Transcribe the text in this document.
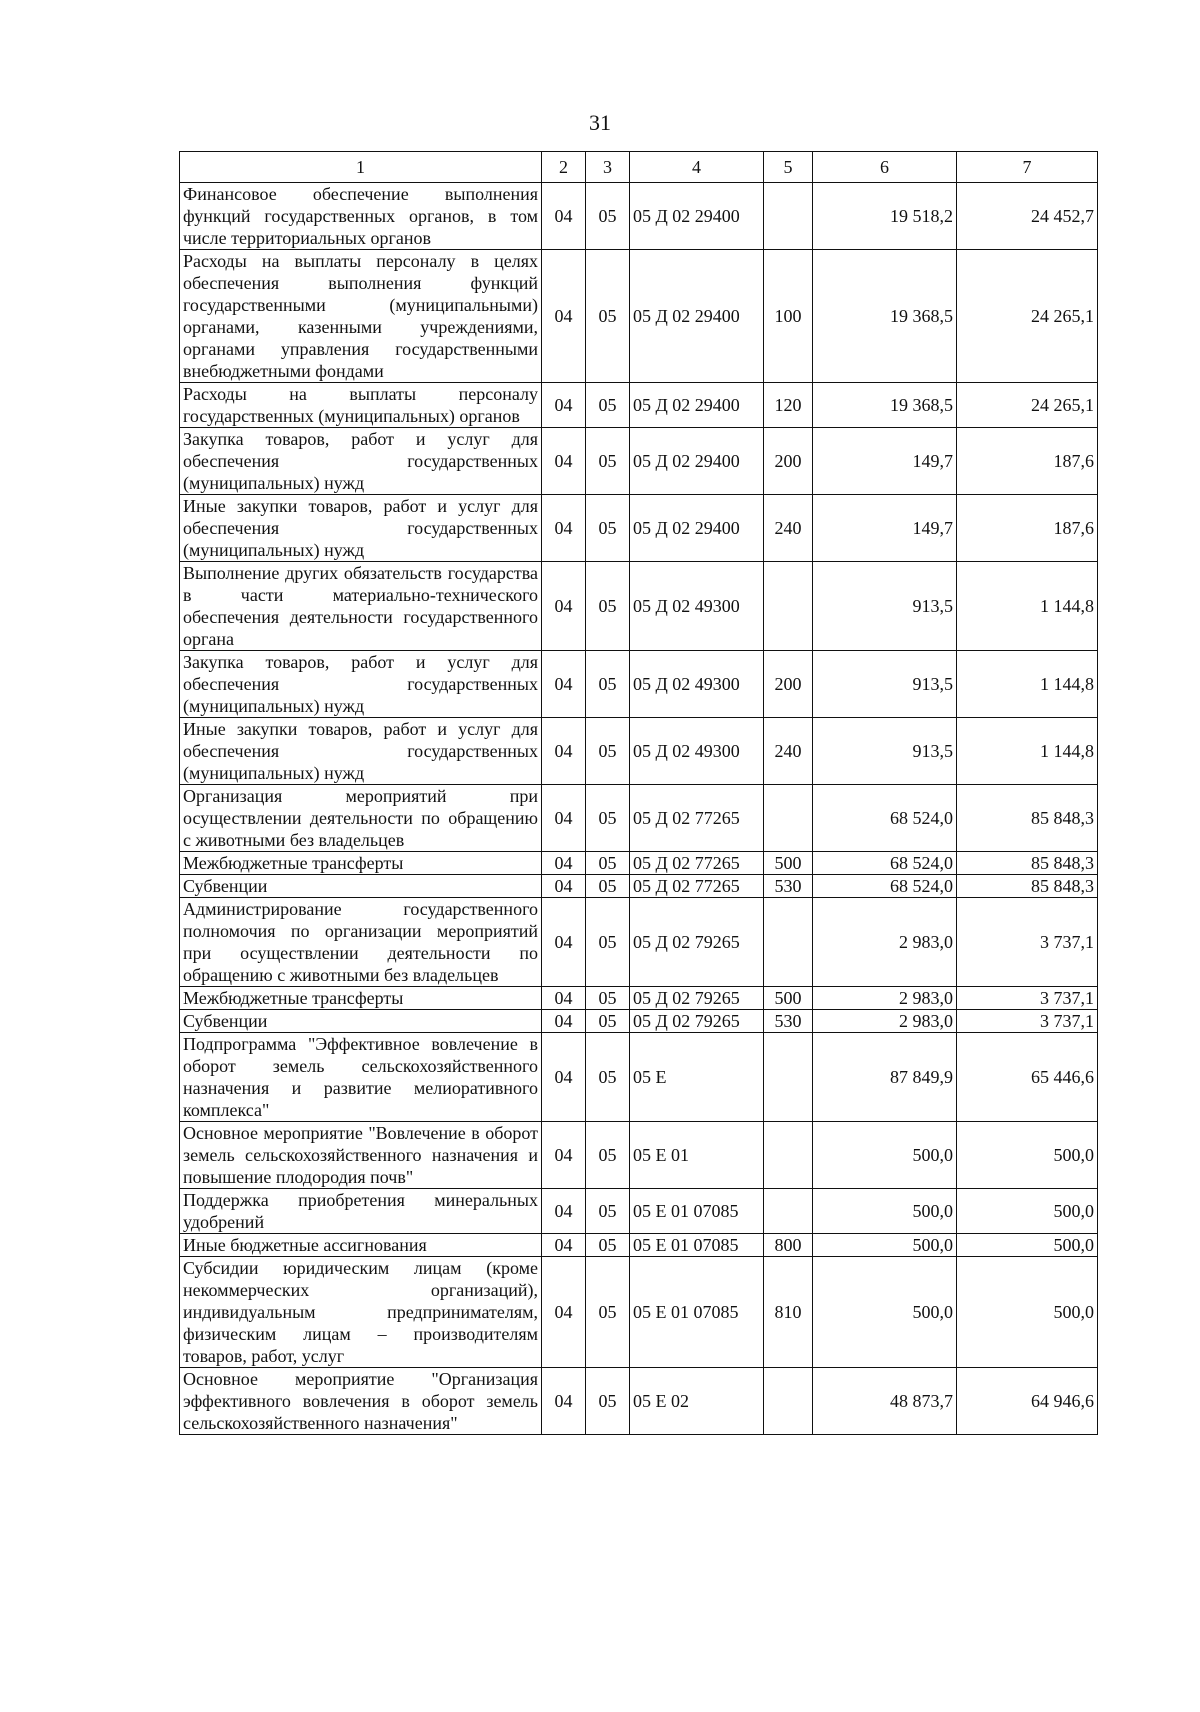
31
1	2	3	4	5	6	7
Финансовое обеспечение выполнения функций государственных органов, в том числе территориальных органов	04	05	05 Д 02 29400		19 518,2	24 452,7
Расходы на выплаты персоналу в целях обеспечения выполнения функций государственными (муниципальными) органами, казенными учреждениями, органами управления государственными внебюджетными фондами	04	05	05 Д 02 29400	100	19 368,5	24 265,1
Расходы на выплаты персоналу государственных (муниципальных) органов	04	05	05 Д 02 29400	120	19 368,5	24 265,1
Закупка товаров, работ и услуг для обеспечения государственных (муниципальных) нужд	04	05	05 Д 02 29400	200	149,7	187,6
Иные закупки товаров, работ и услуг для обеспечения государственных (муниципальных) нужд	04	05	05 Д 02 29400	240	149,7	187,6
Выполнение других обязательств государства в части материально-технического обеспечения деятельности государственного органа	04	05	05 Д 02 49300		913,5	1 144,8
Закупка товаров, работ и услуг для обеспечения государственных (муниципальных) нужд	04	05	05 Д 02 49300	200	913,5	1 144,8
Иные закупки товаров, работ и услуг для обеспечения государственных (муниципальных) нужд	04	05	05 Д 02 49300	240	913,5	1 144,8
Организация мероприятий при осуществлении деятельности по обращению с животными без владельцев	04	05	05 Д 02 77265		68 524,0	85 848,3
Межбюджетные трансферты	04	05	05 Д 02 77265	500	68 524,0	85 848,3
Субвенции	04	05	05 Д 02 77265	530	68 524,0	85 848,3
Администрирование государственного полномочия по организации мероприятий при осуществлении деятельности по обращению с животными без владельцев	04	05	05 Д 02 79265		2 983,0	3 737,1
Межбюджетные трансферты	04	05	05 Д 02 79265	500	2 983,0	3 737,1
Субвенции	04	05	05 Д 02 79265	530	2 983,0	3 737,1
Подпрограмма "Эффективное вовлечение в оборот земель сельскохозяйственного назначения и развитие мелиоративного комплекса"	04	05	05 Е		87 849,9	65 446,6
Основное мероприятие "Вовлечение в оборот земель сельскохозяйственного назначения и повышение плодородия почв"	04	05	05 Е 01		500,0	500,0
Поддержка приобретения минеральных удобрений	04	05	05 Е 01 07085		500,0	500,0
Иные бюджетные ассигнования	04	05	05 Е 01 07085	800	500,0	500,0
Субсидии юридическим лицам (кроме некоммерческих организаций), индивидуальным предпринимателям, физическим лицам – производителям товаров, работ, услуг	04	05	05 Е 01 07085	810	500,0	500,0
Основное мероприятие "Организация эффективного вовлечения в оборот земель сельскохозяйственного назначения"	04	05	05 Е 02		48 873,7	64 946,6
